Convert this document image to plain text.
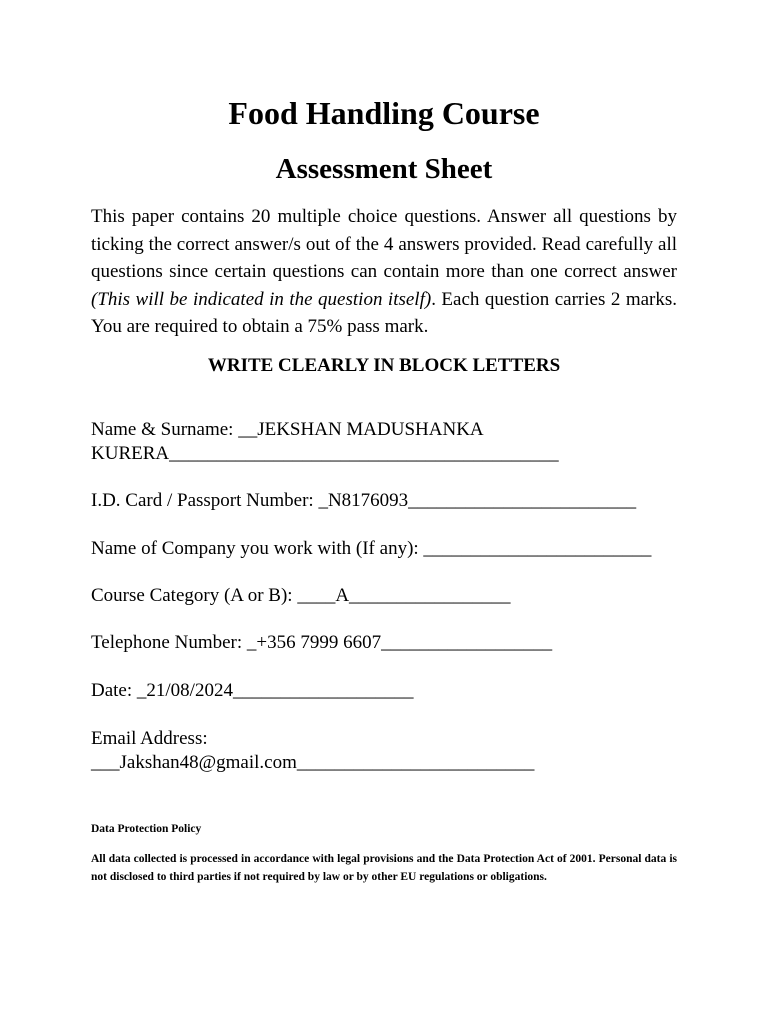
Food Handling Course
Assessment Sheet

This paper contains 20 multiple choice questions. Answer all questions by ticking the correct answer/s out of the 4 answers provided. Read carefully all questions since certain questions can contain more than one correct answer (This will be indicated in the question itself). Each question carries 2 marks. You are required to obtain a 75% pass mark.

WRITE CLEARLY IN BLOCK LETTERS

Name & Surname: __JEKSHAN MADUSHANKA
KURERA_________________________________________
I.D. Card / Passport Number: _N8176093________________________
Name of Company you work with (If any): ________________________
Course Category (A or B): ____A_________________
Telephone Number: _+356 7999 6607__________________
Date: _21/08/2024___________________
Email Address:
___Jakshan48@gmail.com_________________________

Data Protection Policy

All data collected is processed in accordance with legal provisions and the Data Protection Act of 2001. Personal data is not disclosed to third parties if not required by law or by other EU regulations or obligations.
